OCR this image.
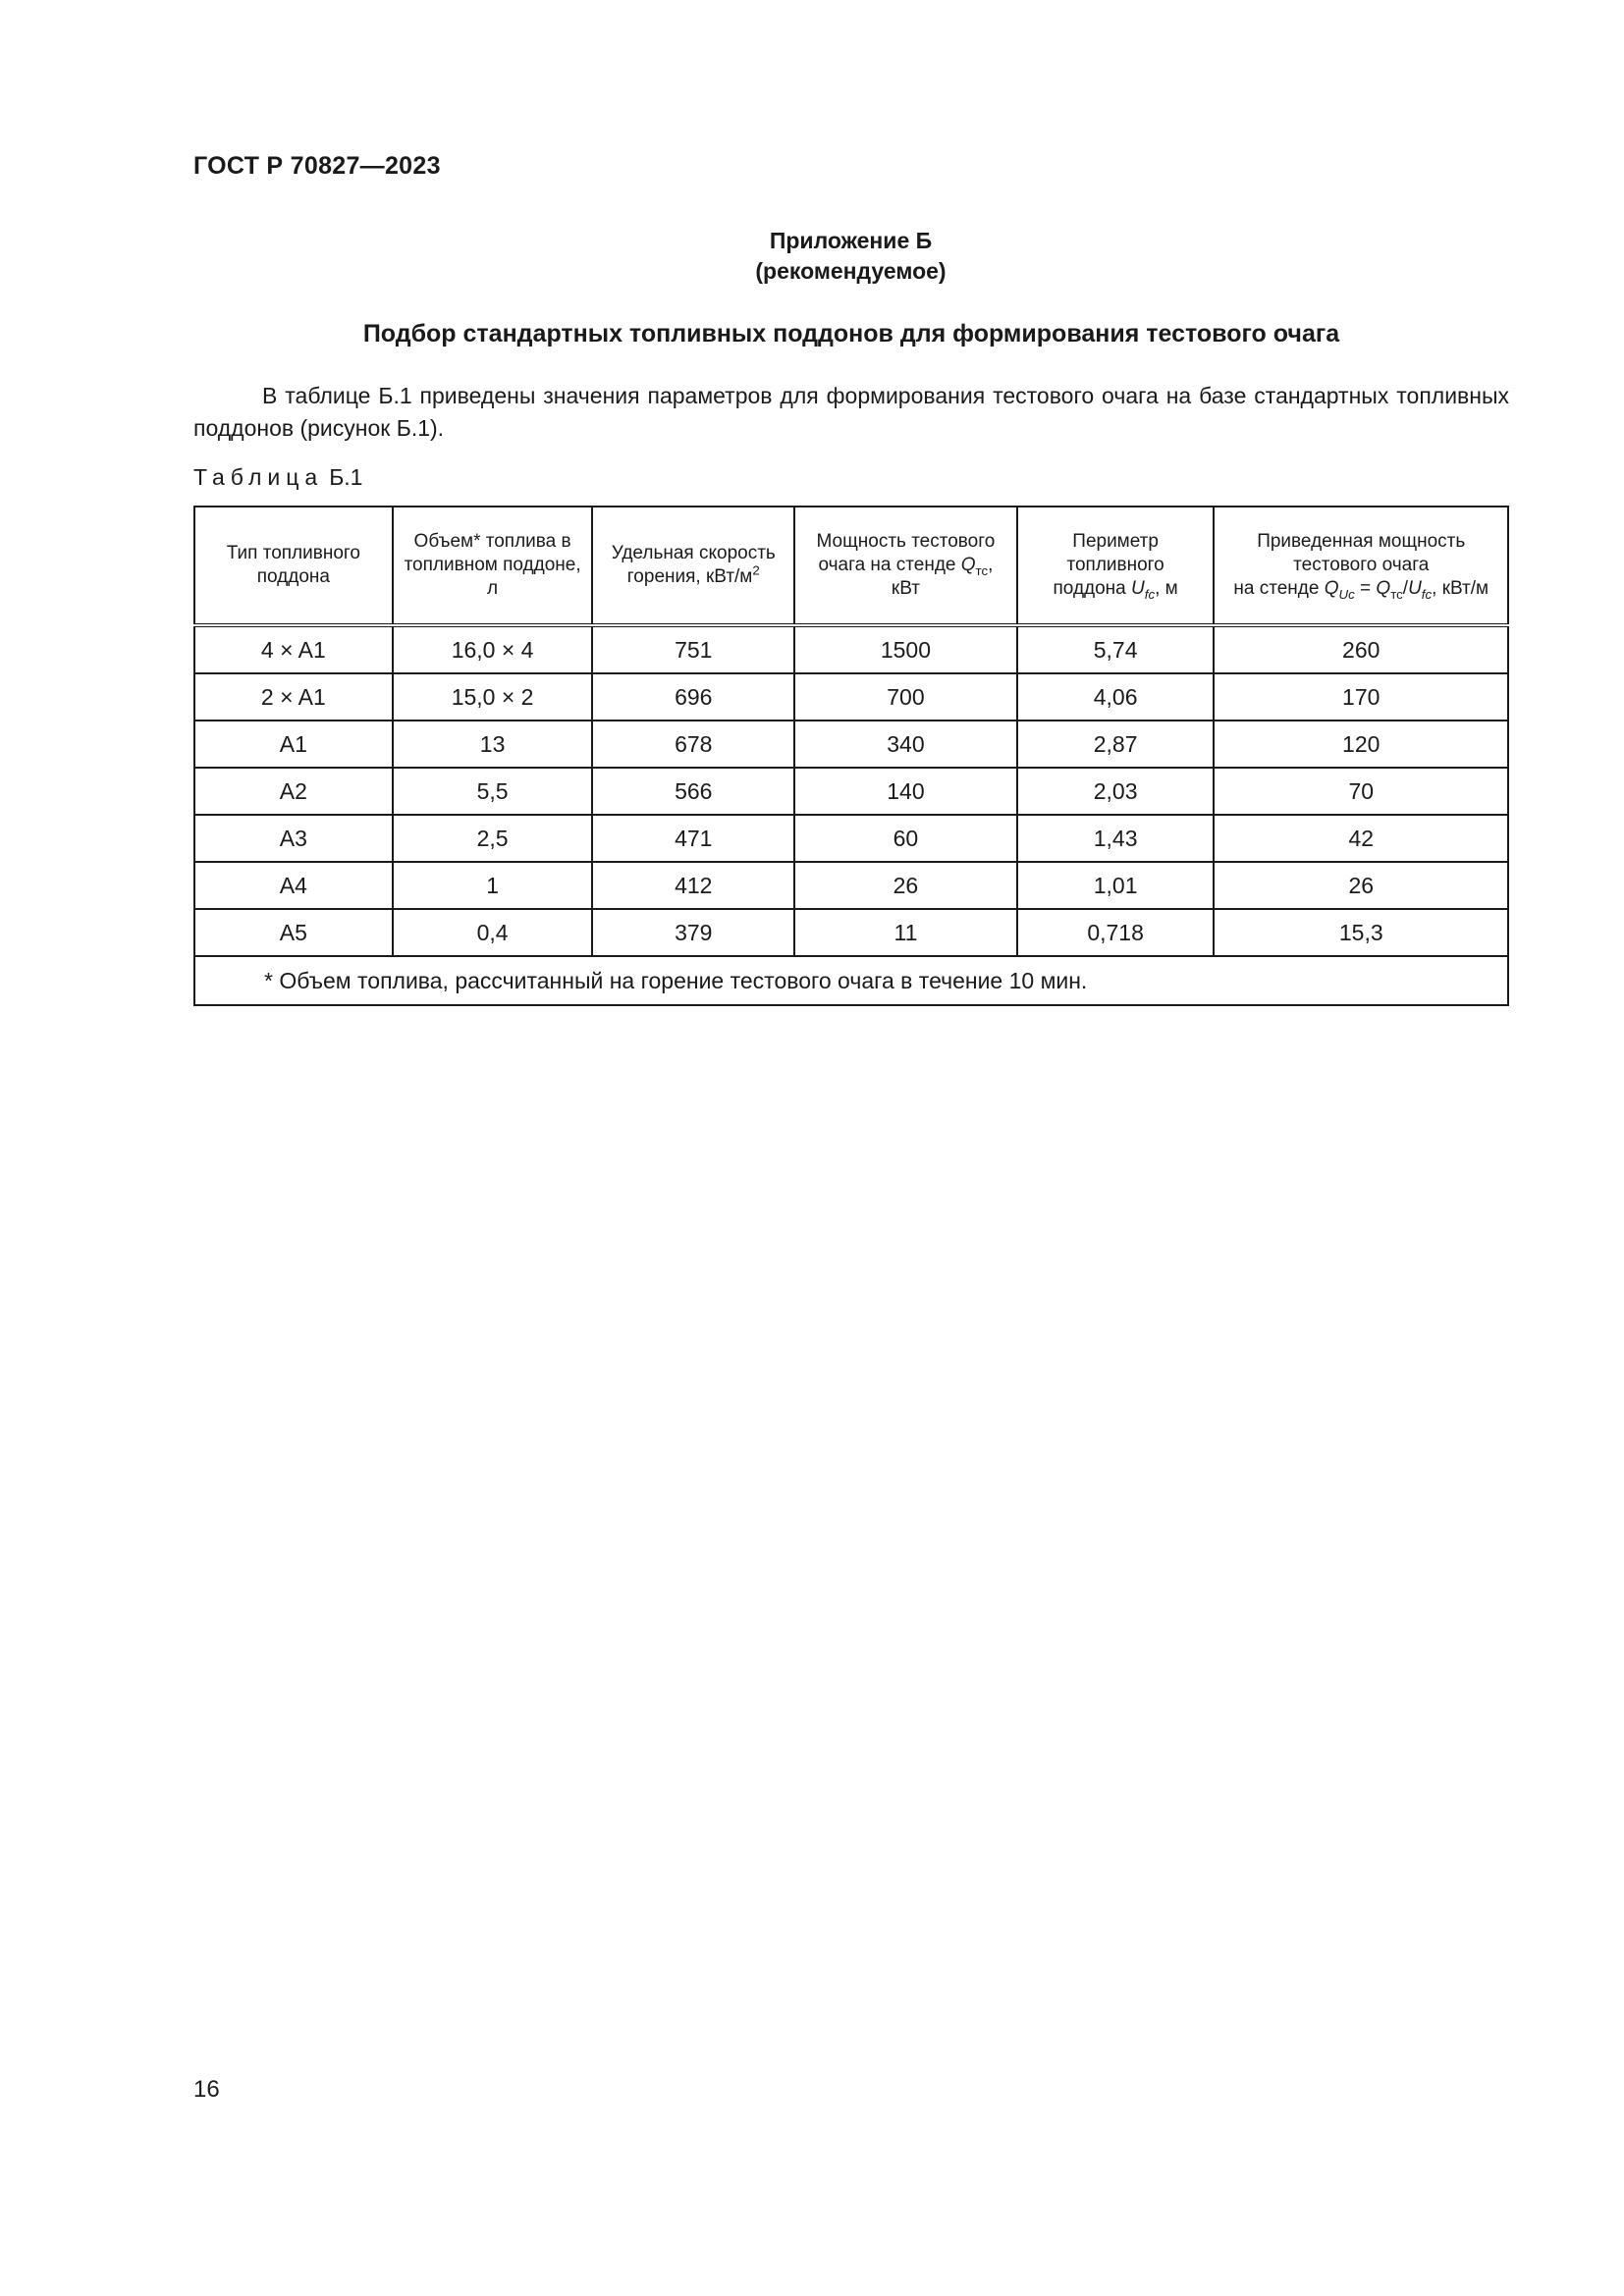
ГОСТ Р 70827—2023
Приложение Б
(рекомендуемое)
Подбор стандартных топливных поддонов для формирования тестового очага

В таблице Б.1 приведены значения параметров для формирования тестового очага на базе стандартных топливных поддонов (рисунок Б.1).

Таблица Б.1
Тип топливного поддона	Объем* топлива в топливном поддоне, л	Удельная скорость горения, кВт/$м^2$	Мощность тестового очага на стенде $Q_{тс}$, кВт	Периметр топливного поддона $U_{fc}$, м	Приведенная мощность тестового очага
на стенде $Q_{Uc} = Q_{тс}/U_{fc}$, кВт/м
4 × A1	16,0 × 4	751	1500	5,74	260
2 × A1	15,0 × 2	696	700	4,06	170
A1	13	678	340	2,87	120
A2	5,5	566	140	2,03	70
A3	2,5	471	60	1,43	42
A4	1	412	26	1,01	26
A5	0,4	379	11	0,718	15,3
* Объем топлива, рассчитанный на горение тестового очага в течение 10 мин.					
16
